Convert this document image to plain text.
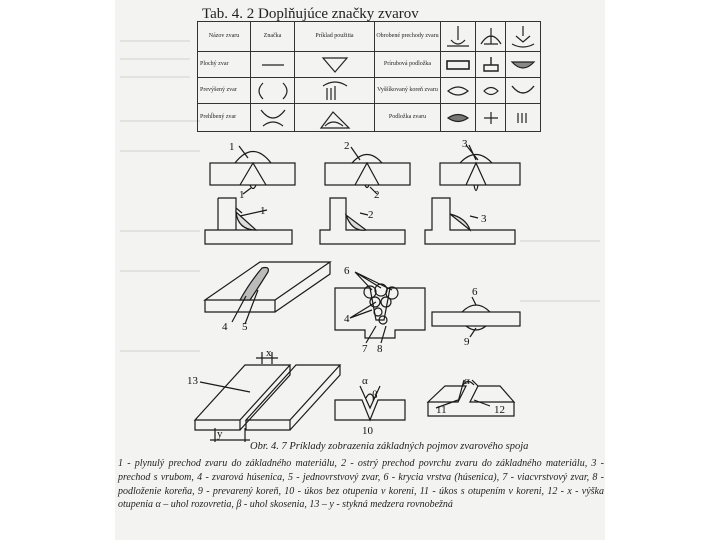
Tab. 4. 2 Doplňujúce značky zvarov
Názov zvaru	Značka	Príklad použitia	Obrobené prechody zvaru	

Plochý zvar			Prírubová podložka	

Prevýšený zvar			Vyššíkovaný koreň zvaru	

Prehĺbený zvar			Podložka zvaru	

1
1
2
2
3
1	2	3
6
4
4 5
7 8
6
9
13
x
y
α
β
10
α
11	12
Obr. 4. 7 Príklady zobrazenia základných pojmov zvarového spoja
1 - plynulý prechod zvaru do základného materiálu, 2 - ostrý prechod povrchu zvaru do základného materiálu, 3 - prechod s vrubom, 4 - zvarová húsenica, 5 - jednovrstvový zvar, 6 - krycia vrstva (húsenica), 7 - viacvrstvový zvar, 8 - podloženie koreňa, 9 - prevarený koreň, 10 - úkos bez otupenia v koreni, 11 - úkos s otupením v koreni, 12 - x - výška otupenia α – uhol rozovretia, β - uhol skosenia, 13 – y - stykná medzera rovnobežná
